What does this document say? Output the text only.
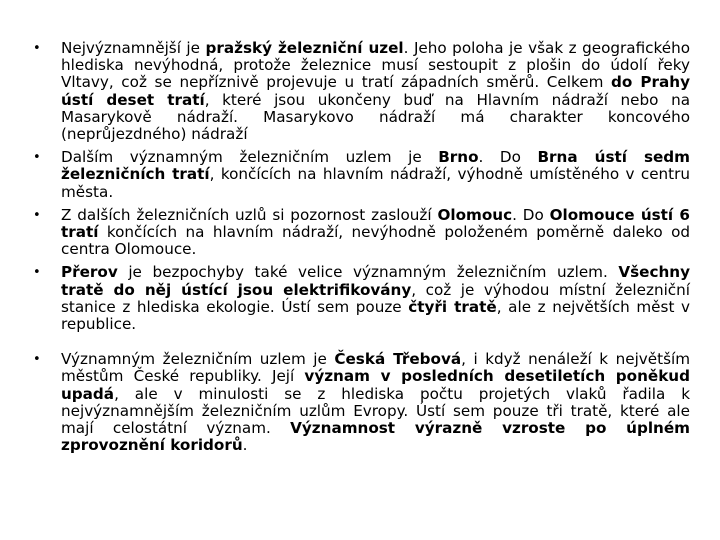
•	Nejvýznamnější je pražský železniční uzel. Jeho poloha je však z geografického hlediska nevýhodná, protože železnice musí sestoupit z plošin do údolí řeky Vltavy, což se nepříznivě projevuje u tratí západních směrů. Celkem do Prahy ústí deset tratí, které jsou ukončeny buď na Hlavním nádraží nebo na Masarykově nádraží. Masarykovo nádraží má charakter koncového (neprůjezdného) nádraží
•	Dalším významným železničním uzlem je Brno. Do Brna ústí sedm železničních tratí, končících na hlavním nádraží, výhodně umístěného v centru města.
•	Z dalších železničních uzlů si pozornost zaslouží Olomouc. Do Olomouce ústí 6 tratí končících na hlavním nádraží, nevýhodně položeném poměrně daleko od centra Olomouce.
•	Přerov je bezpochyby také velice významným železničním uzlem. Všechny tratě do něj ústící jsou elektrifikovány, což je výhodou místní železniční stanice z hlediska ekologie. Ústí sem pouze čtyři tratě, ale z největších měst v republice.
•	Významným železničním uzlem je Česká Třebová, i když nenáleží k největším městům České republiky. Její význam v posledních desetiletích poněkud upadá, ale v minulosti se z hlediska počtu projetých vlaků řadila k nejvýznamnějším železničním uzlům Evropy. Ústí sem pouze tři tratě, které ale mají celostátní význam. Významnost výrazně vzroste po úplném zprovoznění koridorů.
